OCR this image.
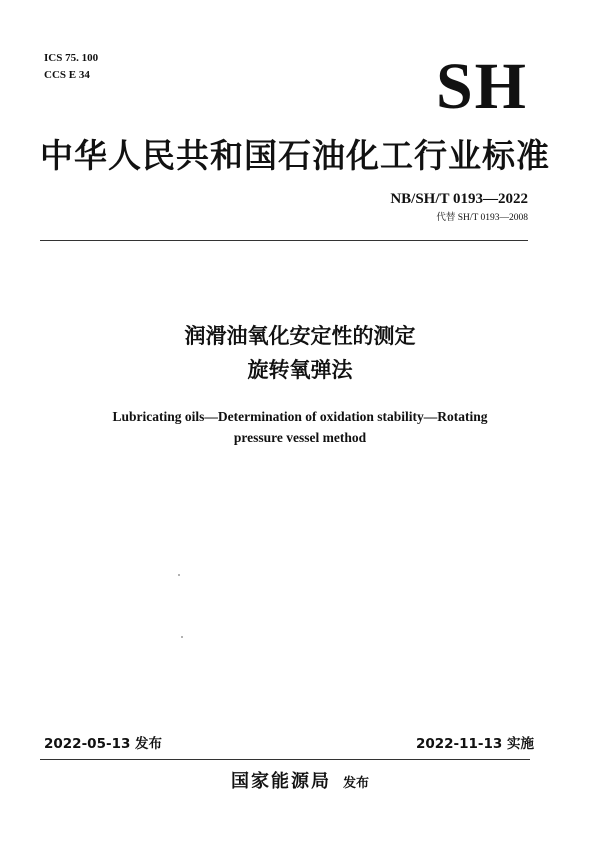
ICS 75. 100
CCS E 34	SH
中华人民共和国石油化工行业标准
NB/SH/T 0193—2022
代替 SH/T 0193—2008
润滑油氧化安定性的测定
旋转氧弹法
Lubricating oils—Determination of oxidation stability—Rotating
pressure vessel method
2022-05-13 发布	2022-11-13 实施
国家能源局 发布
